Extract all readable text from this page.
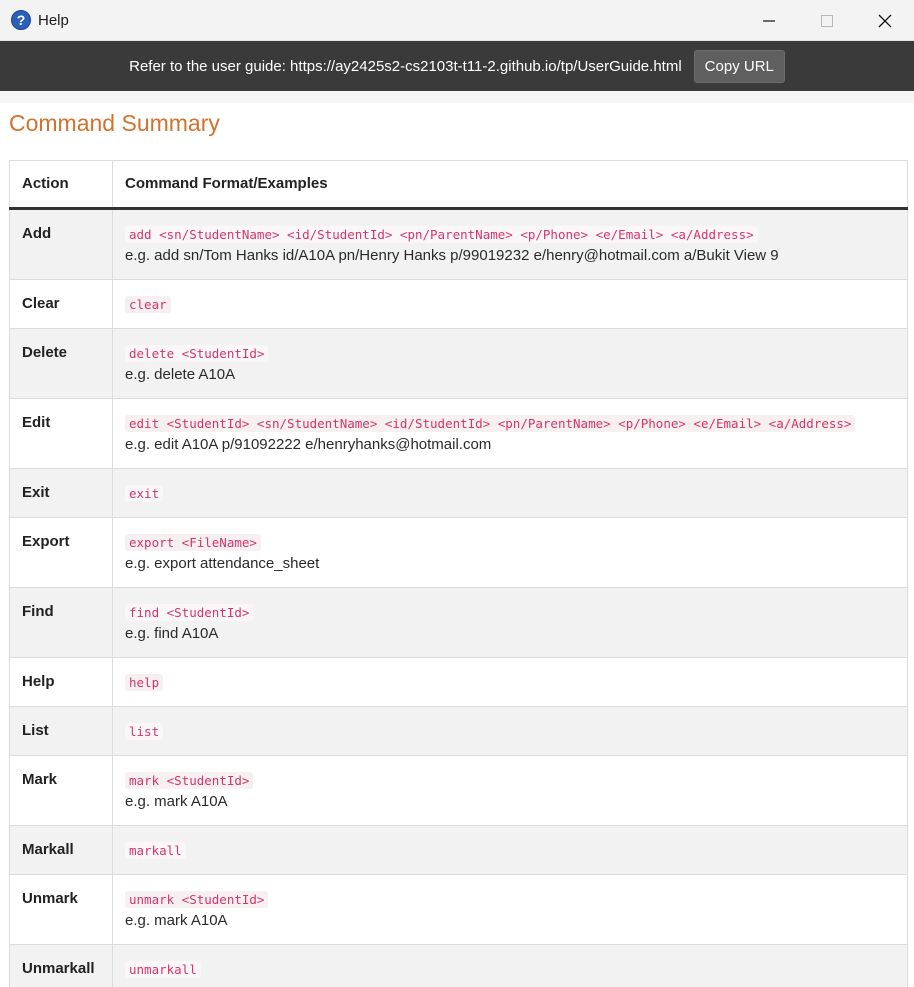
? Help
Refer to the user guide: https://ay2425s2-cs2103t-t11-2.github.io/tp/UserGuide.html	Copy URL
Command Summary
Action	Command Format/Examples
Add	add <sn/StudentName> <id/StudentId> <pn/ParentName> <p/Phone> <e/Email> <a/Address>
e.g. add sn/Tom Hanks id/A10A pn/Henry Hanks p/99019232 e/henry@hotmail.com a/Bukit View 9

Clear	clear
Delete	delete <StudentId>
e.g. delete A10A

Edit	edit <StudentId> <sn/StudentName> <id/StudentId> <pn/ParentName> <p/Phone> <e/Email> <a/Address>
e.g. edit A10A p/91092222 e/henryhanks@hotmail.com

Exit	exit
Export	export <FileName>
e.g. export attendance_sheet

Find	find <StudentId>
e.g. find A10A

Help	help
List	list
Mark	mark <StudentId>
e.g. mark A10A

Markall	markall
Unmark	unmark <StudentId>
e.g. mark A10A

Unmarkall	unmarkall
